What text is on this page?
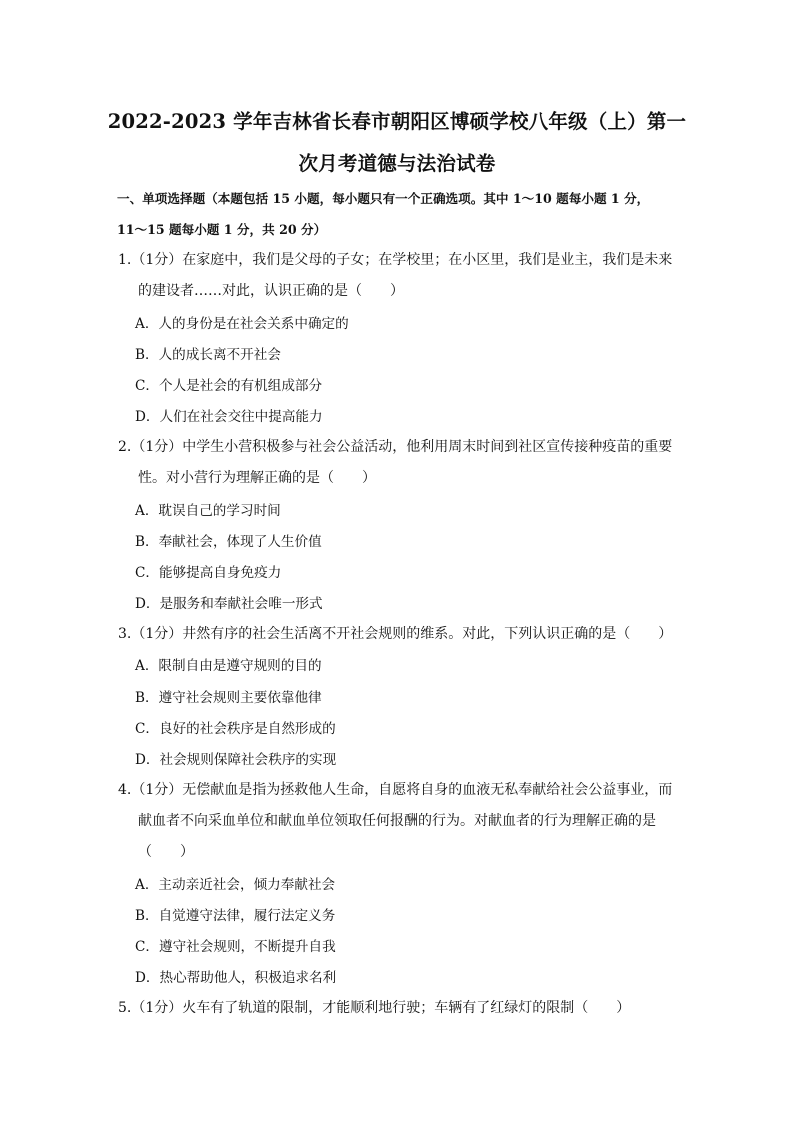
2022-2023 学年吉林省长春市朝阳区博硕学校八年级（上）第一
次月考道德与法治试卷
一、单项选择题（本题包括 15 小题，每小题只有一个正确选项。其中 1～10 题每小题 1 分，
11～15 题每小题 1 分，共 20 分）
1.（1分）在家庭中，我们是父母的子女；在学校里；在小区里，我们是业主，我们是未来
的建设者……对此，认识正确的是（　　）
A．人的身份是在社会关系中确定的
B．人的成长离不开社会
C．个人是社会的有机组成部分
D．人们在社会交往中提高能力
2.（1分）中学生小营积极参与社会公益活动，他利用周末时间到社区宣传接种疫苗的重要
性。对小营行为理解正确的是（　　）
A．耽误自己的学习时间
B．奉献社会，体现了人生价值
C．能够提高自身免疫力
D．是服务和奉献社会唯一形式
3.（1分）井然有序的社会生活离不开社会规则的维系。对此，下列认识正确的是（　　）
A．限制自由是遵守规则的目的
B．遵守社会规则主要依靠他律
C．良好的社会秩序是自然形成的
D．社会规则保障社会秩序的实现
4.（1分）无偿献血是指为拯救他人生命，自愿将自身的血液无私奉献给社会公益事业，而
献血者不向采血单位和献血单位领取任何报酬的行为。对献血者的行为理解正确的是
（　　）
A．主动亲近社会，倾力奉献社会
B．自觉遵守法律，履行法定义务
C．遵守社会规则，不断提升自我
D．热心帮助他人，积极追求名利
5.（1分）火车有了轨道的限制，才能顺利地行驶；车辆有了红绿灯的限制（　　）
